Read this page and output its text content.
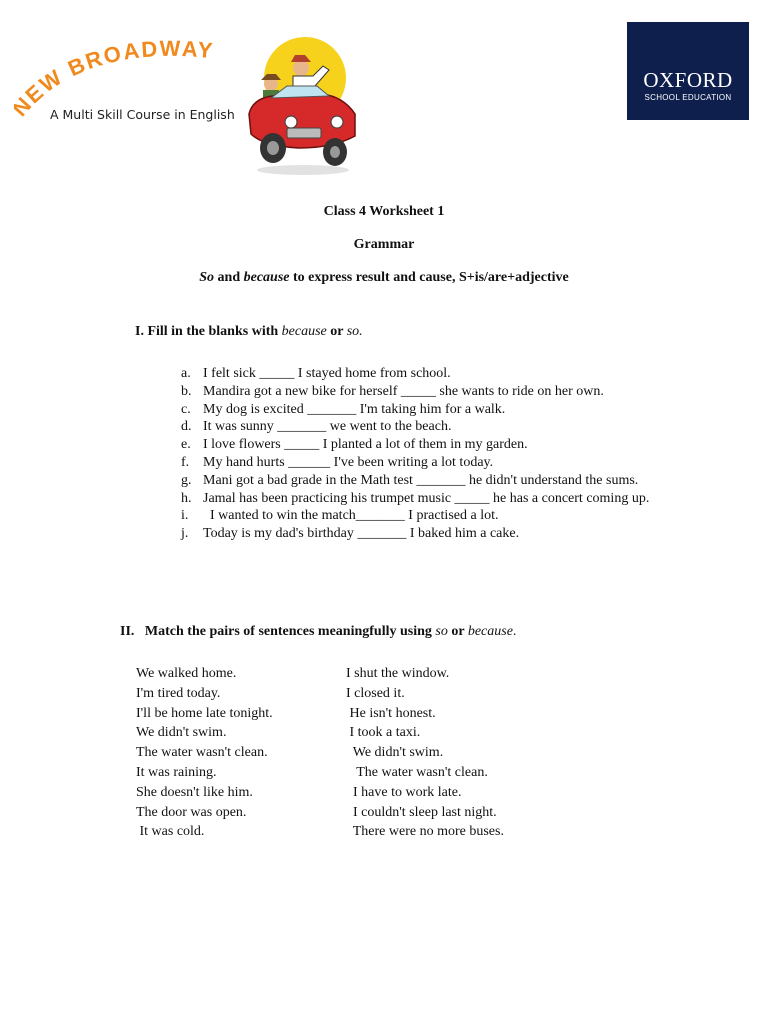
EW BROADWAY
A Multi Skill Course in English
OXFORD
SCHOOL EDUCATION
Class 4 Worksheet 1
Grammar
So and because to express result and cause, S+is/are+adjective
I. Fill in the blanks with because or so.
a. I felt sick _____ I stayed home from school.
b. Mandira got a new bike for herself _____ she wants to ride on her own.
c. My dog is excited _______ I'm taking him for a walk.
d. It was sunny _______ we went to the beach.
e. I love flowers _____ I planted a lot of them in my garden.
f. My hand hurts ______ I've been writing a lot today.
g. Mani got a bad grade in the Math test _______ he didn't understand the sums.
h. Jamal has been practicing his trumpet music _____ he has a concert coming up.
i.	I wanted to win the match_______ I practised a lot.
j.	Today is my dad's birthday _______ I baked him a cake.
II. Match the pairs of sentences meaningfully using so or because.
We walked home.
I'm tired today.
I'll be home late tonight.
We didn't swim.
The water wasn't clean.
It was raining.
She doesn't like him.
The door was open.
It was cold.
I shut the window.
I closed it.
He isn't honest.
I took a taxi.
We didn't swim.
The water wasn't clean.
I have to work late.
I couldn't sleep last night.
There were no more buses.
